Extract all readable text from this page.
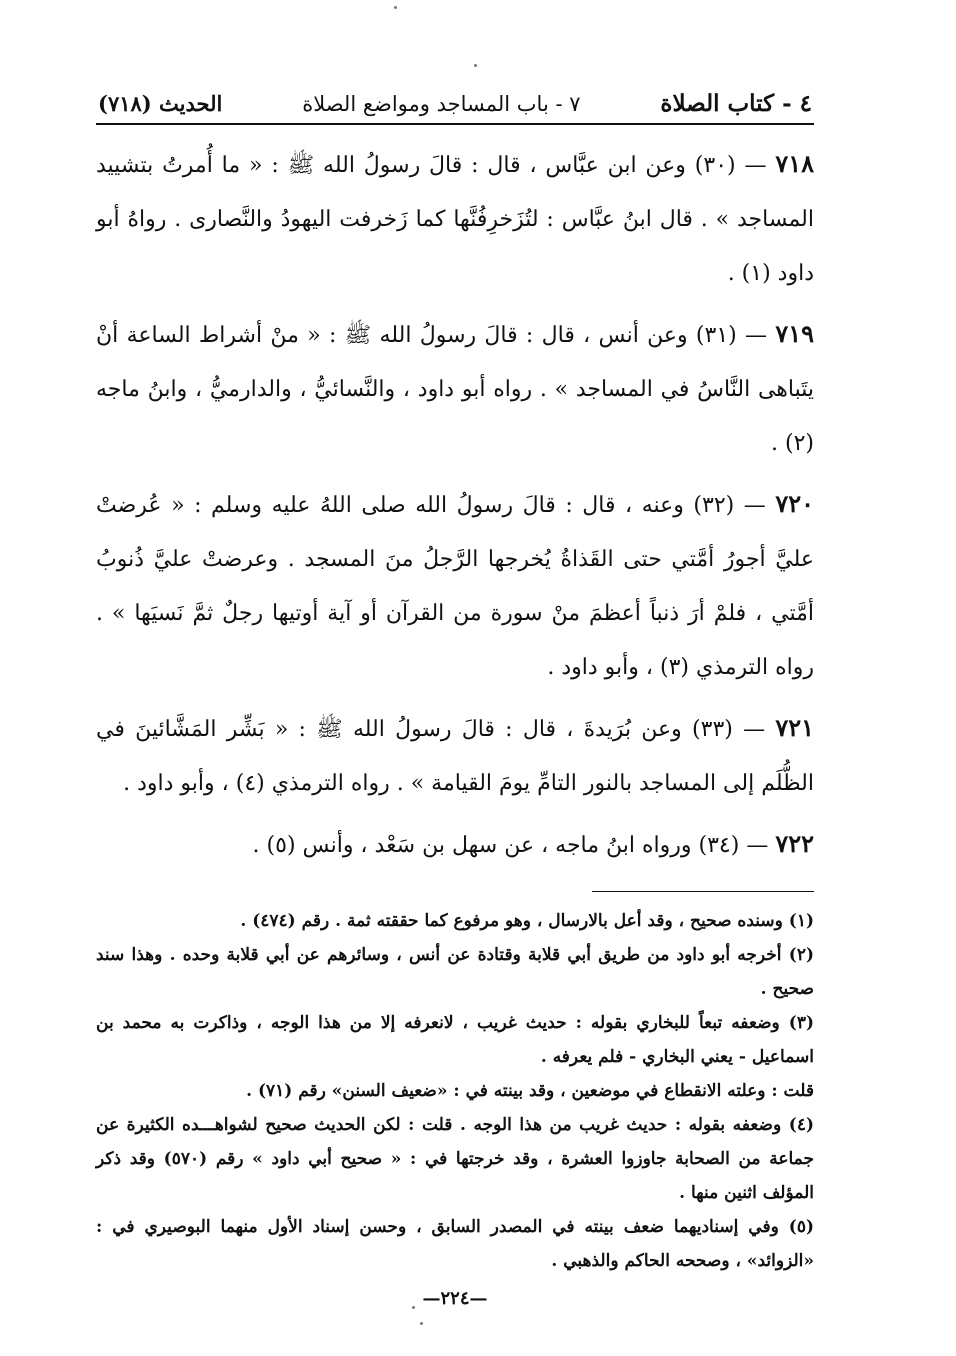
٤ - كتاب الصلاة
٧ - باب المساجد ومواضع الصلاة
الحديث (٧١٨)

٧١٨ — (٣٠) وعن ابن عبَّاس ، قال : قالَ رسولُ الله ﷺ : « ما أُمرتُ بتشييد المساجد » . قال ابنُ عبَّاس : لتُزَخرِفُنَّها كما زَخرفت اليهودُ والنَّصارى . رواهُ أبو داود (١) .

٧١٩ — (٣١) وعن أنس ، قال : قالَ رسولُ الله ﷺ : « منْ أشراط الساعة أنْ يتَباهى النَّاسُ في المساجد » . رواه أبو داود ، والنَّسائيُّ ، والدارميُّ ، وابنُ ماجه (٢) .

٧٢٠ — (٣٢) وعنه ، قال : قالَ رسولُ الله صلى اللهُ عليه وسلم : « عُرضتْ عليَّ أجورُ أمَّتي حتى القَذاةُ يُخرجها الرَّجلُ منَ المسجد . وعرضتْ عليَّ ذُنوبُ أمَّتي ، فلمْ أرَ ذنباً أعظمَ منْ سورة من القرآن أو آية أوتيها رجلٌ ثمَّ نَسيَها » . رواه الترمذي (٣) ، وأبو داود .

٧٢١ — (٣٣) وعن بُرَيدةَ ، قال : قالَ رسولُ الله ﷺ : « بَشِّر المَشَّائينَ في الظُّلَم إلى المساجد بالنور التامِّ يومَ القيامة » . رواه الترمذي (٤) ، وأبو داود .

٧٢٢ — (٣٤) ورواه ابنُ ماجه ، عن سهل بن سَعْد ، وأنس (٥) .

(١) وسنده صحيح ، وقد أعل بالارسال ، وهو مرفوع كما حققته ثمة . رقم (٤٧٤) .

(٢) أخرجه أبو داود من طريق أبي قلابة وقتادة عن أنس ، وسائرهم عن أبي قلابة وحده . وهذا سند صحيح .

(٣) وضعفه تبعاً للبخاري بقوله : حديث غريب ، لانعرفه إلا من هذا الوجه ، وذاكرت به محمد بن اسماعيل - يعني البخاري - فلم يعرفه .

قلت : وعلته الانقطاع في موضعين ، وقد بينته في : «ضعيف السنن» رقم (٧١) .

(٤) وضعفه بقوله : حديث غريب من هذا الوجه . قلت : لكن الحديث صحيح لشواهـــده الكثيرة عن جماعة من الصحابة جاوزوا العشرة ، وقد خرجتها في : « صحيح أبي داود » رقم (٥٧٠) وقد ذكر المؤلف اثنين منها .

(٥) وفي إسناديهما ضعف بينته في المصدر السابق ، وحسن إسناد الأول منهما البوصيري في : «الزوائد» ، وصححه الحاكم والذهبي .

—٢٢٤—
